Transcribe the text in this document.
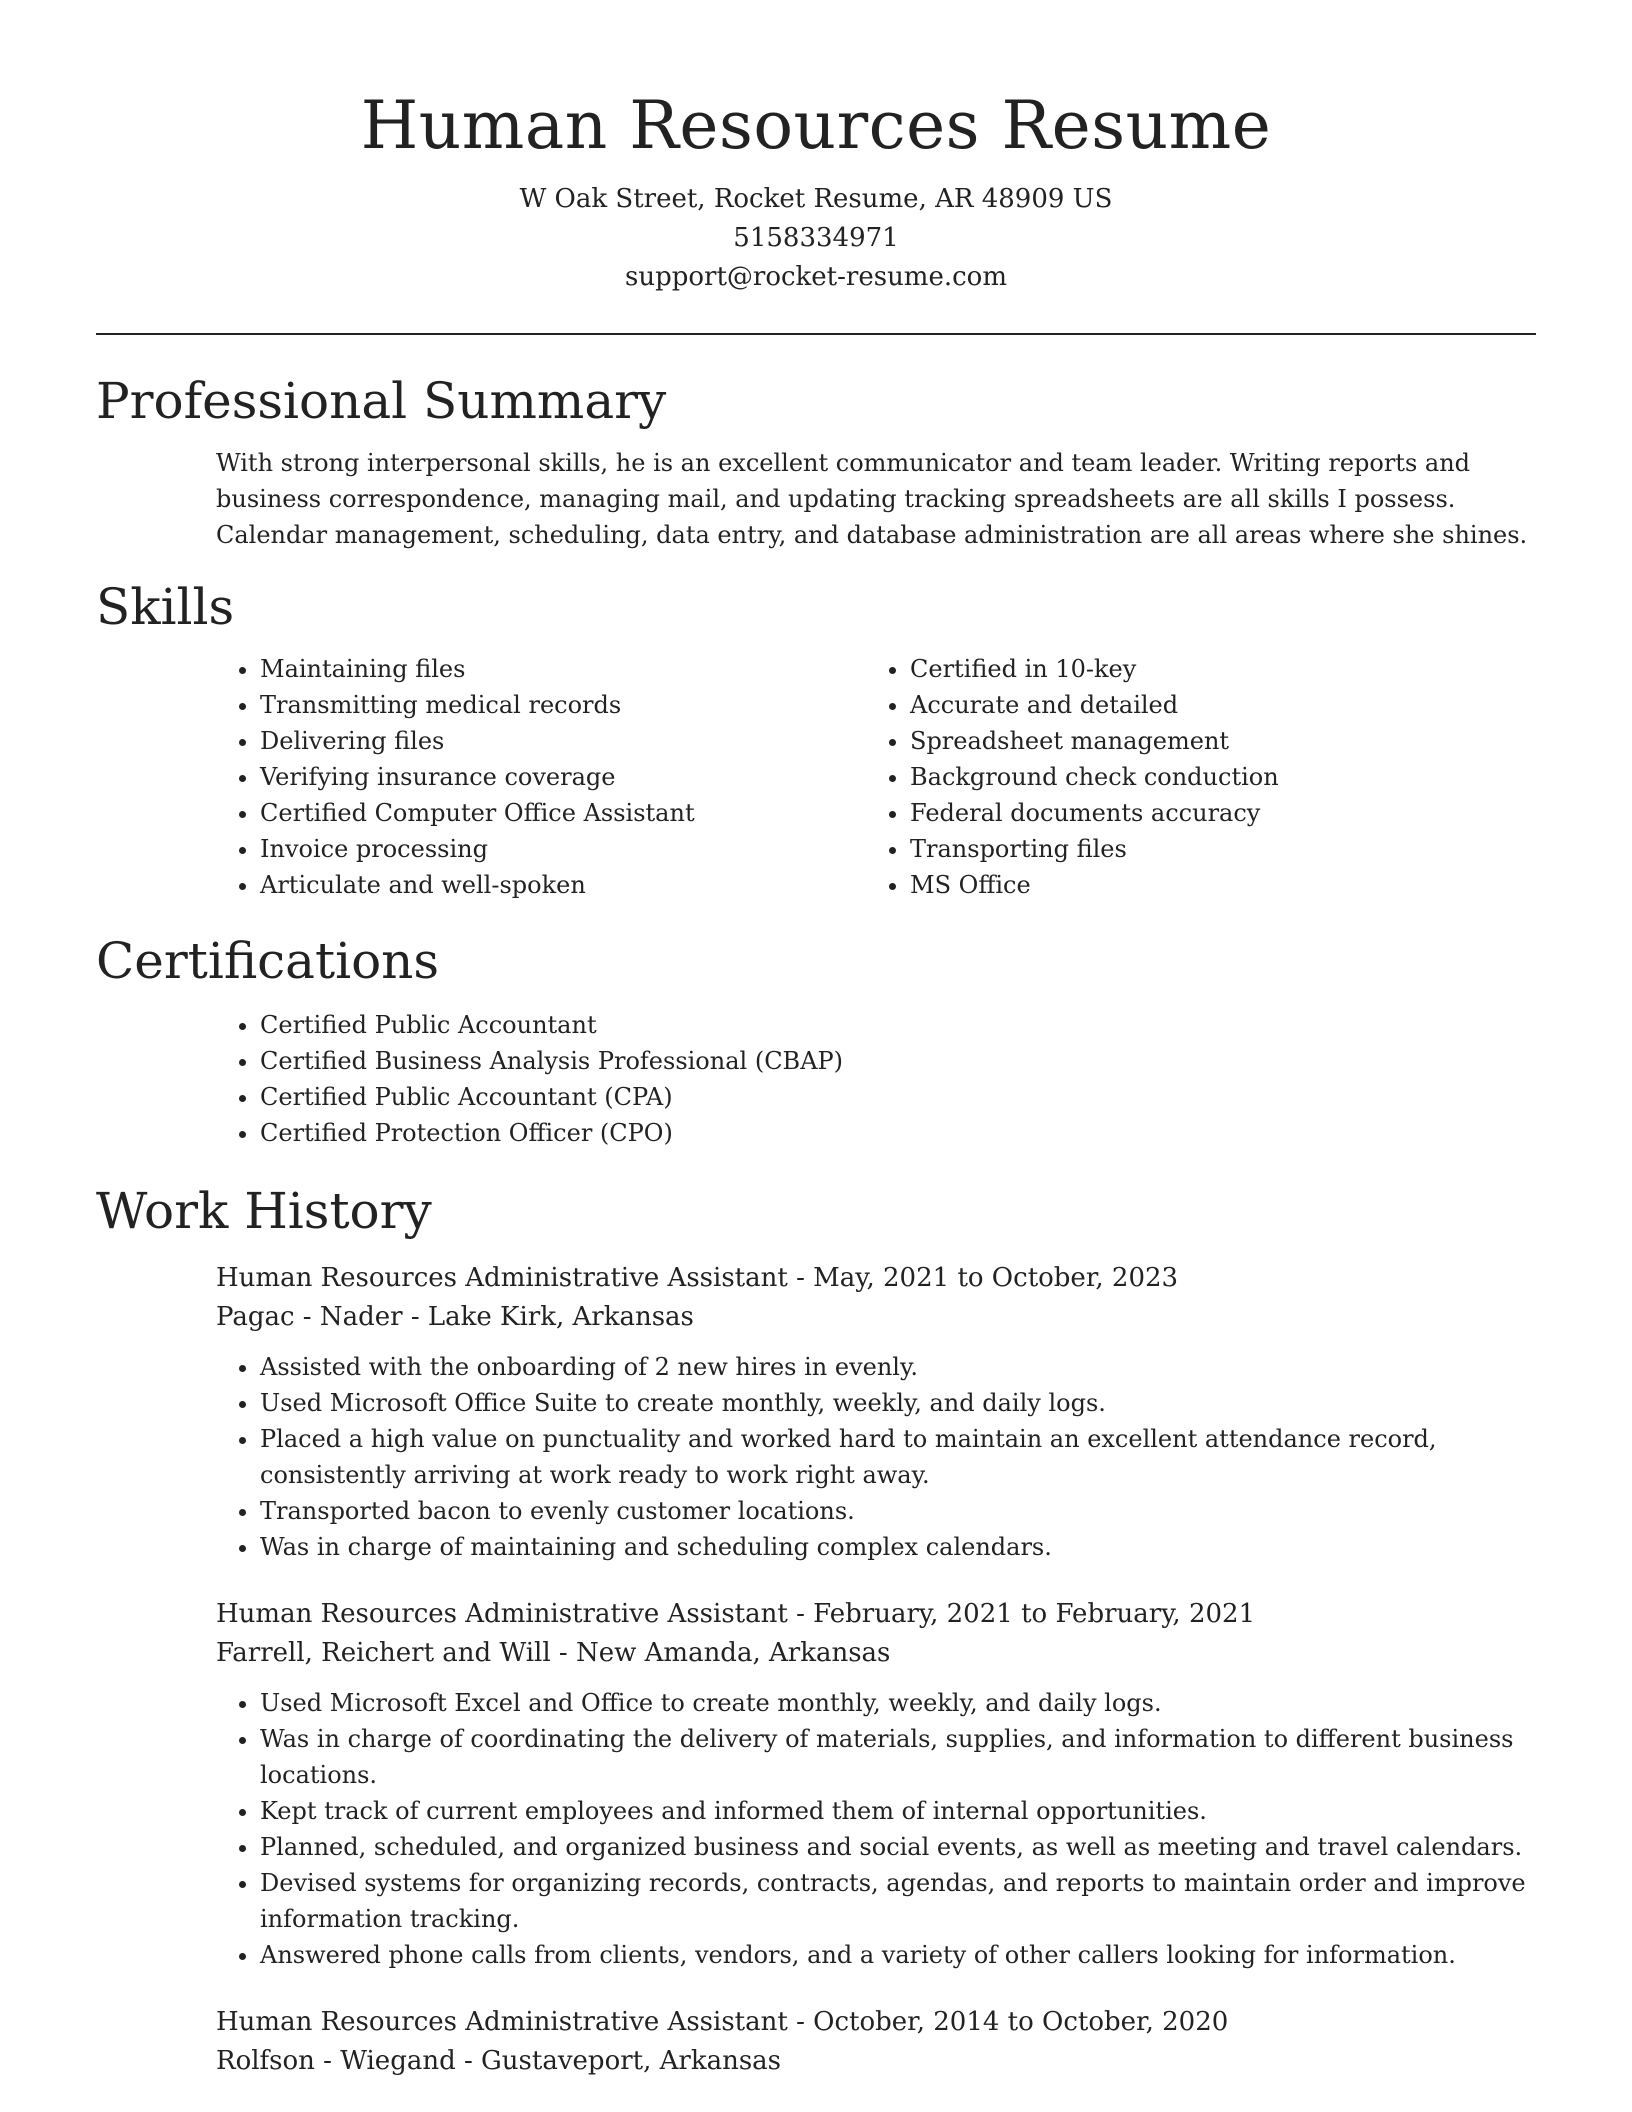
Human Resources Resume

W Oak Street, Rocket Resume, AR 48909 US

5158334971

support@rocket-resume.com

Professional Summary

With strong interpersonal skills, he is an excellent communicator and team leader. Writing reports and business correspondence, managing mail, and updating tracking spreadsheets are all skills I possess. Calendar management, scheduling, data entry, and database administration are all areas where she shines.

Skills
• Maintaining files
• Transmitting medical records
• Delivering files
• Verifying insurance coverage
• Certified Computer Office Assistant
• Invoice processing
• Articulate and well-spoken
• Certified in 10-key
• Accurate and detailed
• Spreadsheet management
• Background check conduction
• Federal documents accuracy
• Transporting files
• MS Office
Certifications
• Certified Public Accountant
• Certified Business Analysis Professional (CBAP)
• Certified Public Accountant (CPA)
• Certified Protection Officer (CPO)
Work History

Human Resources Administrative Assistant - May, 2021 to October, 2023

Pagac - Nader - Lake Kirk, Arkansas

• Assisted with the onboarding of 2 new hires in evenly.
• Used Microsoft Office Suite to create monthly, weekly, and daily logs.
• Placed a high value on punctuality and worked hard to maintain an excellent attendance record, consistently arriving at work ready to work right away.
• Transported bacon to evenly customer locations.
• Was in charge of maintaining and scheduling complex calendars.

Human Resources Administrative Assistant - February, 2021 to February, 2021

Farrell, Reichert and Will - New Amanda, Arkansas

• Used Microsoft Excel and Office to create monthly, weekly, and daily logs.
• Was in charge of coordinating the delivery of materials, supplies, and information to different business locations.
• Kept track of current employees and informed them of internal opportunities.
• Planned, scheduled, and organized business and social events, as well as meeting and travel calendars.
• Devised systems for organizing records, contracts, agendas, and reports to maintain order and improve information tracking.
• Answered phone calls from clients, vendors, and a variety of other callers looking for information.

Human Resources Administrative Assistant - October, 2014 to October, 2020

Rolfson - Wiegand - Gustaveport, Arkansas
